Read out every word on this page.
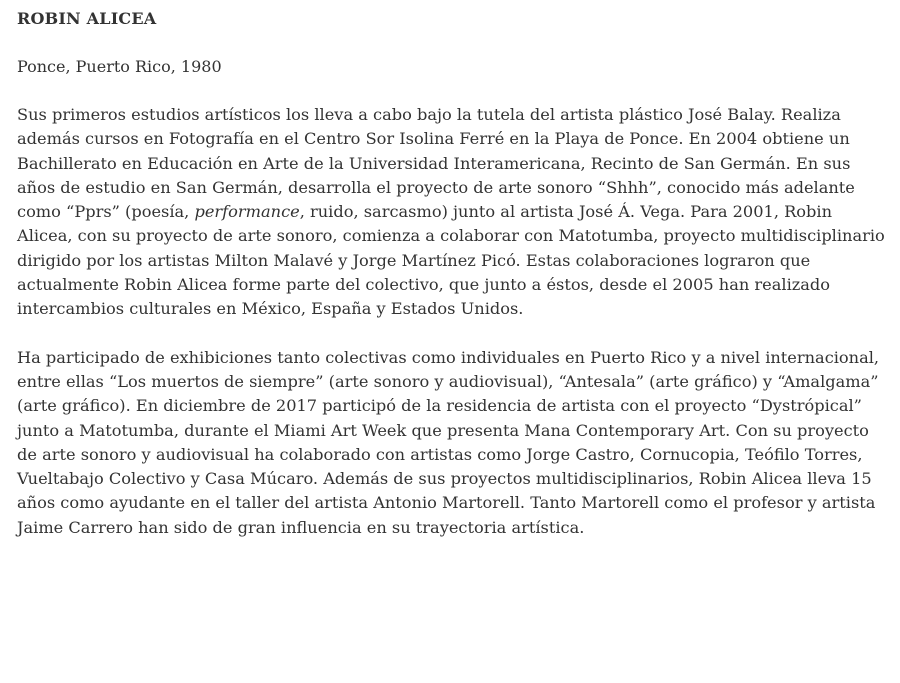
ROBIN ALICEA

Ponce, Puerto Rico, 1980

Sus primeros estudios artísticos los lleva a cabo bajo la tutela del artista plástico José Balay. Realiza además cursos en Fotografía en el Centro Sor Isolina Ferré en la Playa de Ponce. En 2004 obtiene un Bachillerato en Educación en Arte de la Universidad Interamericana, Recinto de San Germán. En sus años de estudio en San Germán, desarrolla el proyecto de arte sonoro “Shhh”, conocido más adelante como “Pprs” (poesía, performance, ruido, sarcasmo) junto al artista José Á. Vega. Para 2001, Robin Alicea, con su proyecto de arte sonoro, comienza a colaborar con Matotumba, proyecto multidisciplinario dirigido por los artistas Milton Malavé y Jorge Martínez Picó. Estas colaboraciones lograron que actualmente Robin Alicea forme parte del colectivo, que junto a éstos, desde el 2005 han realizado intercambios culturales en México, España y Estados Unidos.

Ha participado de exhibiciones tanto colectivas como individuales en Puerto Rico y a nivel internacional, entre ellas “Los muertos de siempre” (arte sonoro y audiovisual), “Antesala” (arte gráfico) y “Amalgama” (arte gráfico). En diciembre de 2017 participó de la residencia de artista con el proyecto “Dystrópical” junto a Matotumba, durante el Miami Art Week que presenta Mana Contemporary Art. Con su proyecto de arte sonoro y audiovisual ha colaborado con artistas como Jorge Castro, Cornucopia, Teófilo Torres, Vueltabajo Colectivo y Casa Múcaro. Además de sus proyectos multidisciplinarios, Robin Alicea lleva 15 años como ayudante en el taller del artista Antonio Martorell. Tanto Martorell como el profesor y artista Jaime Carrero han sido de gran influencia en su trayectoria artística.
